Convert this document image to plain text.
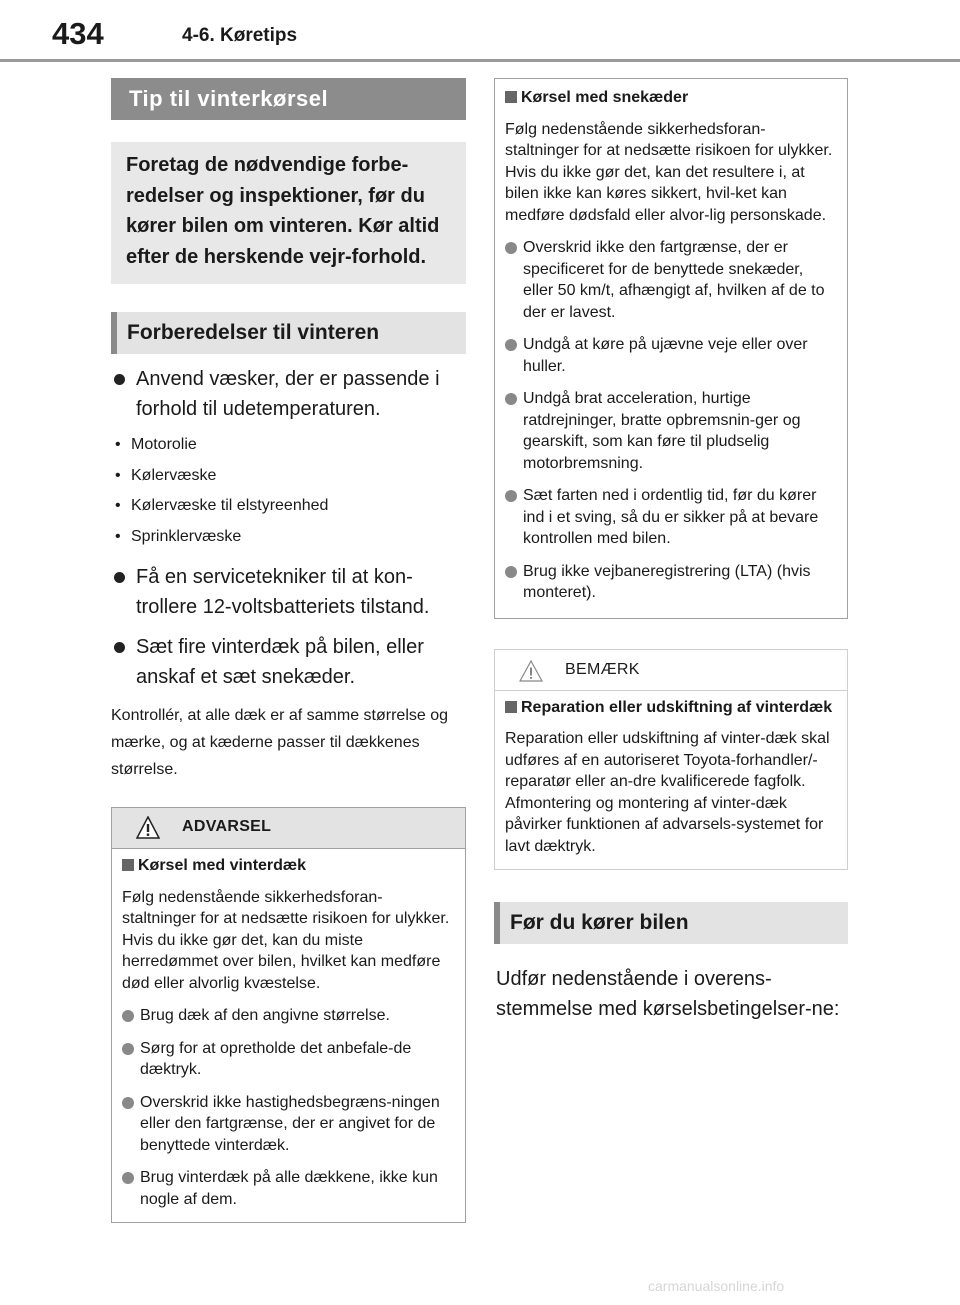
434	4-6. Køretips
Tip til vinterkørsel
Foretag de nødvendige forbe-redelser og inspektioner, før du kører bilen om vinteren. Kør altid efter de herskende vejr-forhold.
Forberedelser til vinteren
Anvend væsker, der er passende i forhold til udetemperaturen.
• Motorolie
• Kølervæske
• Kølervæske til elstyreenhed
• Sprinklervæske
Få en servicetekniker til at kon-trollere 12-voltsbatteriets tilstand.
Sæt fire vinterdæk på bilen, eller anskaf et sæt snekæder.
Kontrollér, at alle dæk er af samme størrelse og mærke, og at kæderne passer til dækkenes størrelse.
ADVARSEL
Kørsel med vinterdæk
Følg nedenstående sikkerhedsforan-staltninger for at nedsætte risikoen for ulykker.
Hvis du ikke gør det, kan du miste herredømmet over bilen, hvilket kan medføre død eller alvorlig kvæstelse.
Brug dæk af den angivne størrelse.
Sørg for at opretholde det anbefale-de dæktryk.
Overskrid ikke hastighedsbegræns-ningen eller den fartgrænse, der er angivet for de benyttede vinterdæk.
Brug vinterdæk på alle dækkene, ikke kun nogle af dem.
Kørsel med snekæder
Følg nedenstående sikkerhedsforan-staltninger for at nedsætte risikoen for ulykker.
Hvis du ikke gør det, kan det resultere i, at bilen ikke kan køres sikkert, hvil-ket kan medføre dødsfald eller alvor-lig personskade.
Overskrid ikke den fartgrænse, der er specificeret for de benyttede snekæder, eller 50 km/t, afhængigt af, hvilken af de to der er lavest.
Undgå at køre på ujævne veje eller over huller.
Undgå brat acceleration, hurtige ratdrejninger, bratte opbremsnin-ger og gearskift, som kan føre til pludselig motorbremsning.
Sæt farten ned i ordentlig tid, før du kører ind i et sving, så du er sikker på at bevare kontrollen med bilen.
Brug ikke vejbaneregistrering (LTA) (hvis monteret).
BEMÆRK
Reparation eller udskiftning af vinterdæk
Reparation eller udskiftning af vinter-dæk skal udføres af en autoriseret Toyota-forhandler/-reparatør eller an-dre kvalificerede fagfolk.
Afmontering og montering af vinter-dæk påvirker funktionen af advarsels-systemet for lavt dæktryk.
Før du kører bilen
Udfør nedenstående i overens-stemmelse med kørselsbetingelser-ne:
carmanualsonline.info
